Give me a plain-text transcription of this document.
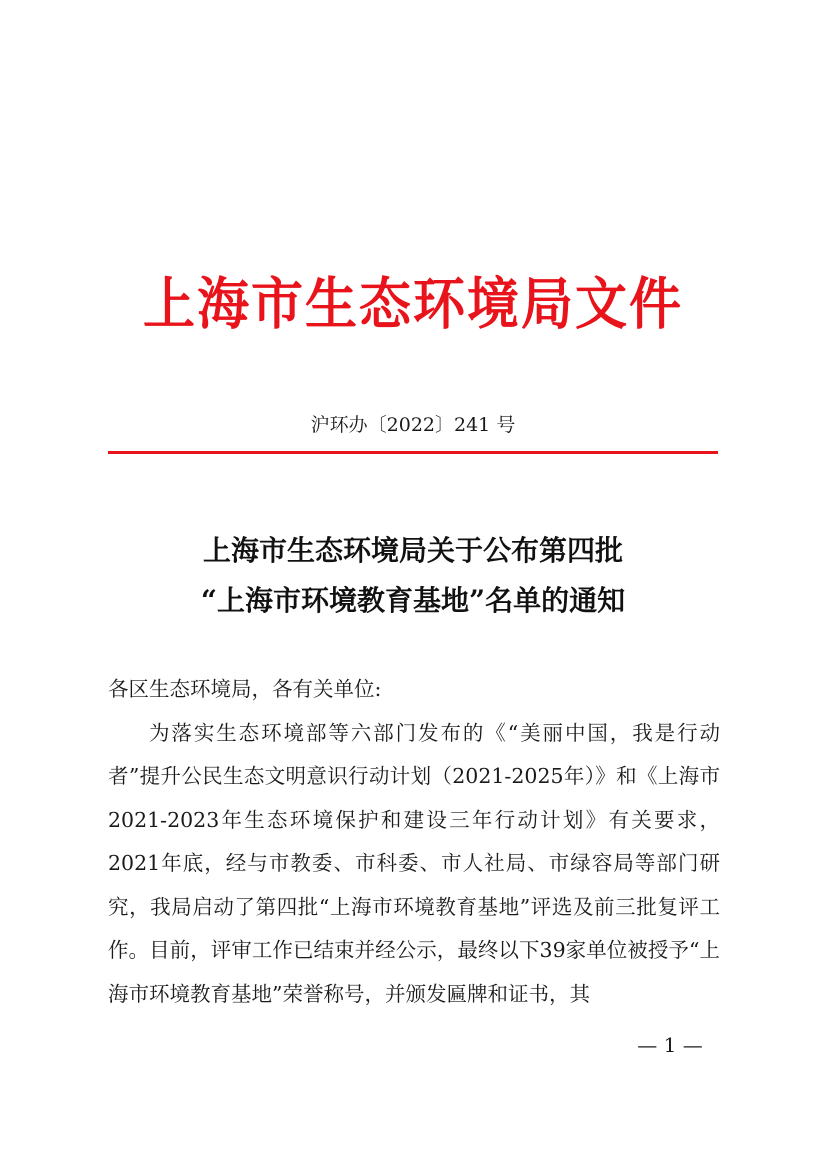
上海市生态环境局文件
沪环办〔2022〕241 号
上海市生态环境局关于公布第四批
“上海市环境教育基地”名单的通知

各区生态环境局，各有关单位:

为落实生态环境部等六部门发布的《“美丽中国，我是行动者”提升公民生态文明意识行动计划（2021-2025年）》和《上海市2021-2023年生态环境保护和建设三年行动计划》有关要求，2021年底，经与市教委、市科委、市人社局、市绿容局等部门研究，我局启动了第四批“上海市环境教育基地”评选及前三批复评工作。目前，评审工作已结束并经公示，最终以下39家单位被授予“上海市环境教育基地”荣誉称号，并颁发匾牌和证书，其

— 1 —
